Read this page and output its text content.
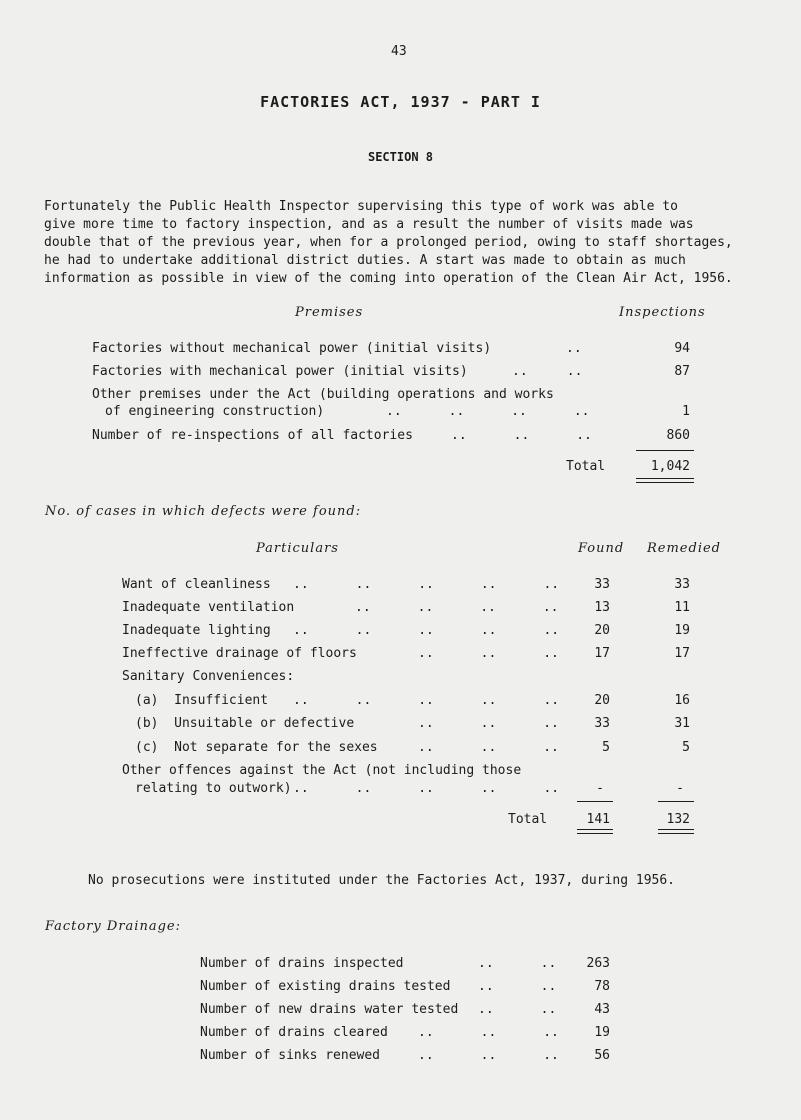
43
FACTORIES ACT, 1937 - PART I
SECTION 8
Fortunately the Public Health Inspector supervising this type of work was able to
give more time to factory inspection, and as a result the number of visits made was
double that of the previous year, when for a prolonged period, owing to staff shortages,
he had to undertake additional district duties. A start was made to obtain as much
information as possible in view of the coming into operation of the Clean Air Act, 1956.
Premises	Inspections
Factories without mechanical power (initial visits)	..	94
Factories with mechanical power (initial visits)	..     ..	87
Other premises under the Act (building operations and works
of engineering construction)	..      ..      ..      ..	1
Number of re-inspections of all factories	..      ..      ..	860
Total	1,042
No. of cases in which defects were found:
Particulars	Found Remedied
Want of cleanliness ..      ..      ..      ..      ..	33	33
Inadequate ventilation	..      ..      ..      ..	13	11
Inadequate lighting ..      ..      ..      ..      ..	20	19
Ineffective drainage of floors	..      ..      ..	17	17
Sanitary Conveniences:
(a)  Insufficient ..      ..      ..      ..      ..	20	16
(b)  Unsuitable or defective	..      ..      ..	33	31
(c)  Not separate for the sexes	..      ..      ..	5	5
Other offences against the Act (not including those
relating to outwork) ..      ..      ..      ..      ..	-	-
Total	141	132
No prosecutions were instituted under the Factories Act, 1937, during 1956.
Factory Drainage:
Number of drains inspected	..      ..	263
Number of existing drains tested ..      ..	78
Number of new drains water tested ..      ..	43
Number of drains cleared ..      ..      ..	19
Number of sinks renewed	..      ..      ..	56
